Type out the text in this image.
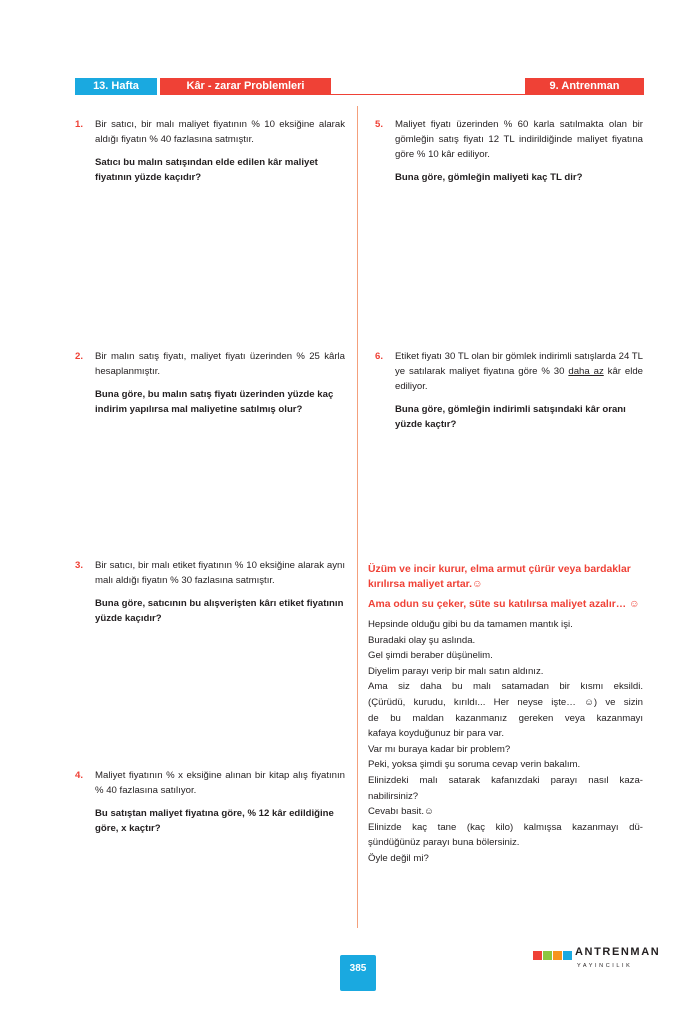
13. Hafta	Kâr - zarar Problemleri	9. Antrenman
1. Bir satıcı, bir malı maliyet fiyatının % 10 eksiğine alarak aldığı fiyatın % 40 fazlasına satmıştır.

Satıcı bu malın satışından elde edilen kâr maliyet fiyatının yüzde kaçıdır?

2. Bir malın satış fiyatı, maliyet fiyatı üzerinden % 25 kârla hesaplanmıştır.

Buna göre, bu malın satış fiyatı üzerinden yüzde kaç indirim yapılırsa mal maliyetine satılmış olur?

3. Bir satıcı, bir malı etiket fiyatının % 10 eksiğine alarak aynı malı aldığı fiyatın % 30 fazlasına satmıştır.

Buna göre, satıcının bu alışverişten kârı etiket fiyatının yüzde kaçıdır?

4. Maliyet fiyatının % x eksiğine alınan bir kitap alış fiyatının % 40 fazlasına satılıyor.

Bu satıştan maliyet fiyatına göre, % 12 kâr edildiğine göre, x kaçtır?

5. Maliyet fiyatı üzerinden % 60 karla satılmakta olan bir gömleğin satış fiyatı 12 TL indirildiğinde maliyet fiyatına göre % 10 kâr ediliyor.

Buna göre, gömleğin maliyeti kaç TL dir?

6. Etiket fiyatı 30 TL olan bir gömlek indirimli satışlarda 24 TL ye satılarak maliyet fiyatına göre % 30 daha az kâr elde ediliyor.

Buna göre, gömleğin indirimli satışındaki kâr oranı yüzde kaçtır?

Üzüm ve incir kurur, elma armut çürür veya bardaklar kırılırsa maliyet artar.☺

Ama odun su çeker, süte su katılırsa maliyet azalır… ☺

Hepsinde olduğu gibi bu da tamamen mantık işi.

Buradaki olay şu aslında.

Gel şimdi beraber düşünelim.

Diyelim parayı verip bir malı satın aldınız.

Ama siz daha bu malı satamadan bir kısmı eksildi.

(Çürüdü, kurudu, kırıldı... Her neyse işte… ☺) ve sizin

de bu maldan kazanmanız gereken veya kazanmayı

kafaya koyduğunuz bir para var.

Var mı buraya kadar bir problem?

Peki, yoksa şimdi şu soruma cevap verin bakalım.

Elinizdeki malı satarak kafanızdaki parayı nasıl kaza-

nabilirsiniz?

Cevabı basit.☺

Elinizde kaç tane (kaç kilo) kalmışsa kazanmayı dü-

şündüğünüz parayı buna bölersiniz.

Öyle değil mi?

385
ANTRENMAN
YAYINCILIK
